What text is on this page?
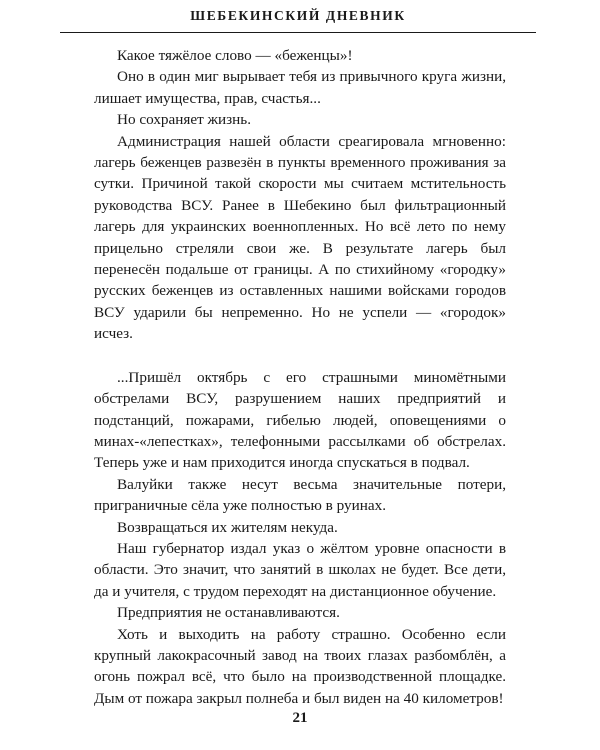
ШЕБЕКИНСКИЙ ДНЕВНИК

Какое тяжёлое слово — «беженцы»!

Оно в один миг вырывает тебя из привычного круга жизни, лишает имущества, прав, счастья...

Но сохраняет жизнь.

Администрация нашей области среагировала мгновенно: лагерь беженцев развезён в пункты временного проживания за сутки. Причиной такой скорости мы считаем мстительность руководства ВСУ. Ранее в Шебекино был фильтрационный лагерь для украинских военнопленных. Но всё лето по нему прицельно стреляли свои же. В результате лагерь был перенесён подальше от границы. А по стихийному «городку» русских беженцев из оставленных нашими войсками городов ВСУ ударили бы непременно. Но не успели — «городок» исчез.

...Пришёл октябрь с его страшными миномётными обстрелами ВСУ, разрушением наших предприятий и подстанций, пожарами, гибелью людей, оповещениями о минах-«лепестках», телефонными рассылками об обстрелах. Теперь уже и нам приходится иногда спускаться в подвал.

Валуйки также несут весьма значительные потери, приграничные сёла уже полностью в руинах.

Возвращаться их жителям некуда.

Наш губернатор издал указ о жёлтом уровне опасности в области. Это значит, что занятий в школах не будет. Все дети, да и учителя, с трудом переходят на дистанционное обучение.

Предприятия не останавливаются.

Хоть и выходить на работу страшно. Особенно если крупный лакокрасочный завод на твоих глазах разбомблён, а огонь пожрал всё, что было на производственной площадке. Дым от пожара закрыл полнеба и был виден на 40 километров!

21
